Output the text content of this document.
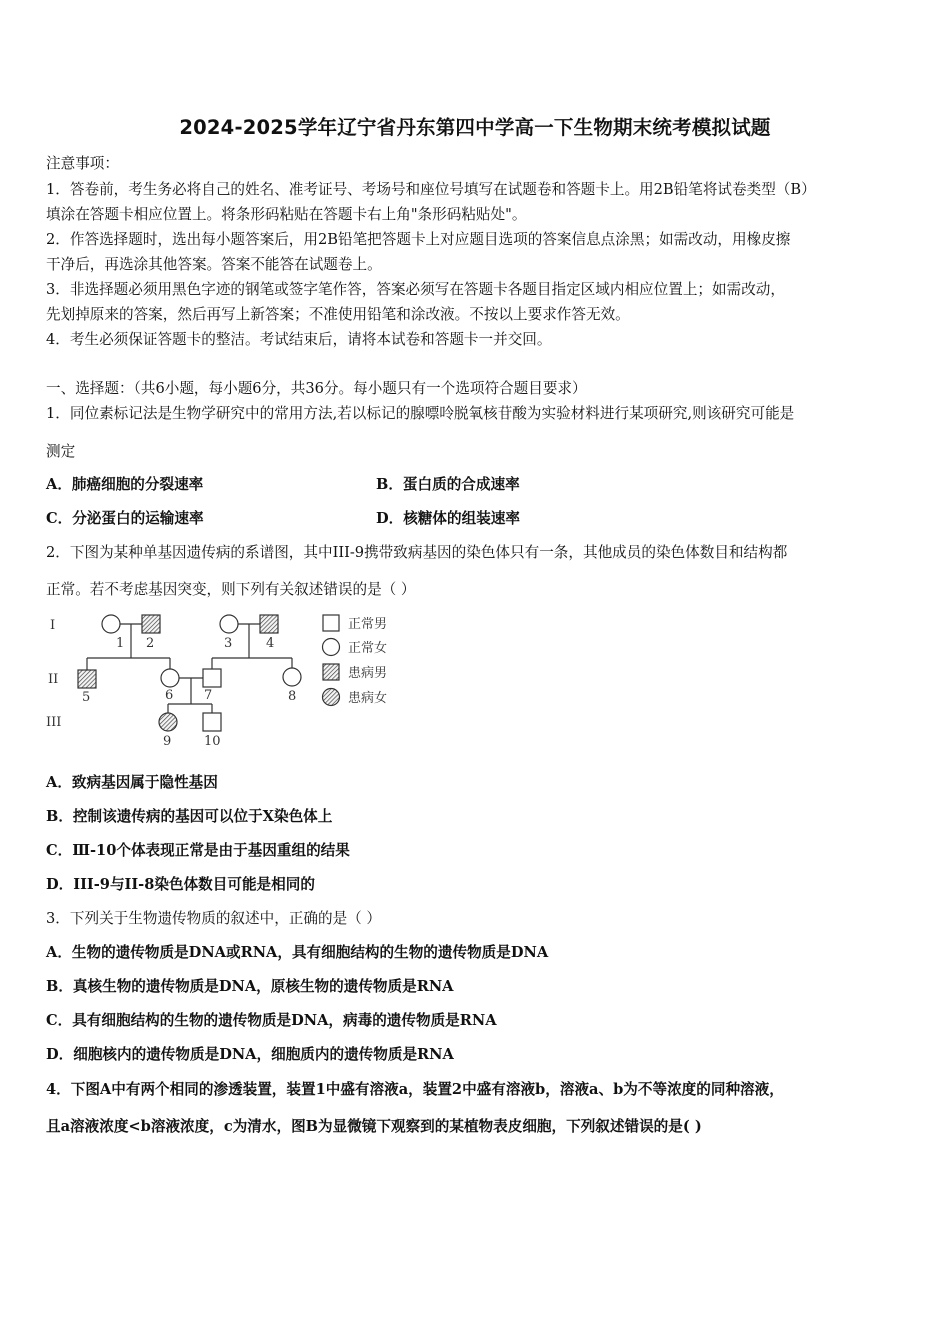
2024-2025学年辽宁省丹东第四中学高一下生物期末统考模拟试题
注意事项：
1．答卷前，考生务必将自己的姓名、准考证号、考场号和座位号填写在试题卷和答题卡上。用2B铅笔将试卷类型（B）
填涂在答题卡相应位置上。将条形码粘贴在答题卡右上角"条形码粘贴处"。
2．作答选择题时，选出每小题答案后，用2B铅笔把答题卡上对应题目选项的答案信息点涂黑；如需改动，用橡皮擦
干净后，再选涂其他答案。答案不能答在试题卷上。
3．非选择题必须用黑色字迹的钢笔或签字笔作答，答案必须写在答题卡各题目指定区域内相应位置上；如需改动，
先划掉原来的答案，然后再写上新答案；不准使用铅笔和涂改液。不按以上要求作答无效。
4．考生必须保证答题卡的整洁。考试结束后，请将本试卷和答题卡一并交回。
一、选择题：（共6小题，每小题6分，共36分。每小题只有一个选项符合题目要求）
1．同位素标记法是生物学研究中的常用方法,若以标记的腺嘌呤脱氧核苷酸为实验材料进行某项研究,则该研究可能是
测定
A．肺癌细胞的分裂速率	B．蛋白质的合成速率
C．分泌蛋白的运输速率	D．核糖体的组装速率
2．下图为某种单基因遗传病的系谱图，其中III-9携带致病基因的染色体只有一条，其他成员的染色体数目和结构都
正常。若不考虑基因突变，则下列有关叙述错误的是（ ）
I
II
III
1 2	3	4
5	6 7	8
9	10
正常男
正常女
患病男
患病女
A．致病基因属于隐性基因
B．控制该遗传病的基因可以位于X染色体上
C．Ⅲ-10个体表现正常是由于基因重组的结果
D．III-9与II-8染色体数目可能是相同的
3．下列关于生物遗传物质的叙述中，正确的是（ ）
A．生物的遗传物质是DNA或RNA，具有细胞结构的生物的遗传物质是DNA
B．真核生物的遗传物质是DNA，原核生物的遗传物质是RNA
C．具有细胞结构的生物的遗传物质是DNA，病毒的遗传物质是RNA
D．细胞核内的遗传物质是DNA，细胞质内的遗传物质是RNA
4．下图A中有两个相同的渗透装置，装置1中盛有溶液a，装置2中盛有溶液b，溶液a、b为不等浓度的同种溶液，
且a溶液浓度<b溶液浓度，c为清水，图B为显微镜下观察到的某植物表皮细胞，下列叙述错误的是( )
